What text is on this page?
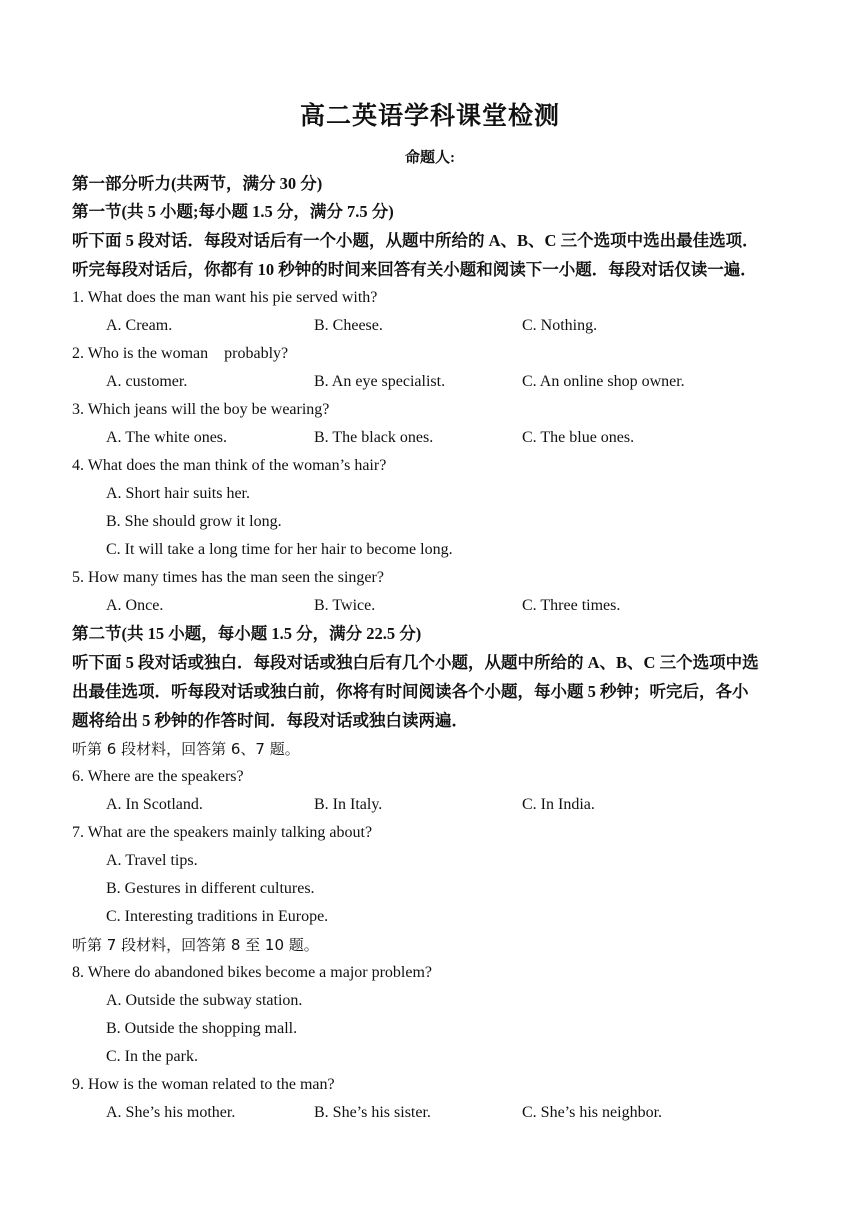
高二英语学科课堂检测
命题人:
第一部分听力(共两节，满分 30 分)
第一节(共 5 小题;每小题 1.5 分，满分 7.5 分)
听下面 5 段对话．每段对话后有一个小题，从题中所给的 A、B、C 三个选项中选出最佳选项．
听完每段对话后，你都有 10 秒钟的时间来回答有关小题和阅读下一小题．每段对话仅读一遍．
1. What does the man want his pie served with?
A. Cream.	B. Cheese.	C. Nothing.
2. Who is the woman    probably?
A. customer.	B. An eye specialist.	C. An online shop owner.
3. Which jeans will the boy be wearing?
A. The white ones.	B. The black ones.	C. The blue ones.
4. What does the man think of the woman’s hair?
A. Short hair suits her.
B. She should grow it long.
C. It will take a long time for her hair to become long.
5. How many times has the man seen the singer?
A. Once.	B. Twice.	C. Three times.
第二节(共 15 小题，每小题 1.5 分，满分 22.5 分)
听下面 5 段对话或独白．每段对话或独白后有几个小题，从题中所给的 A、B、C 三个选项中选
出最佳选项．听每段对话或独白前，你将有时间阅读各个小题，每小题 5 秒钟；听完后，各小
题将给出 5 秒钟的作答时间．每段对话或独白读两遍．
听第 6 段材料，回答第 6、7 题。
6. Where are the speakers?
A. In Scotland.	B. In Italy.	C. In India.
7. What are the speakers mainly talking about?
A. Travel tips.
B. Gestures in different cultures.
C. Interesting traditions in Europe.
听第 7 段材料，回答第 8 至 10 题。
8. Where do abandoned bikes become a major problem?
A. Outside the subway station.
B. Outside the shopping mall.
C. In the park.
9. How is the woman related to the man?
A. She’s his mother.	B. She’s his sister.	C. She’s his neighbor.
